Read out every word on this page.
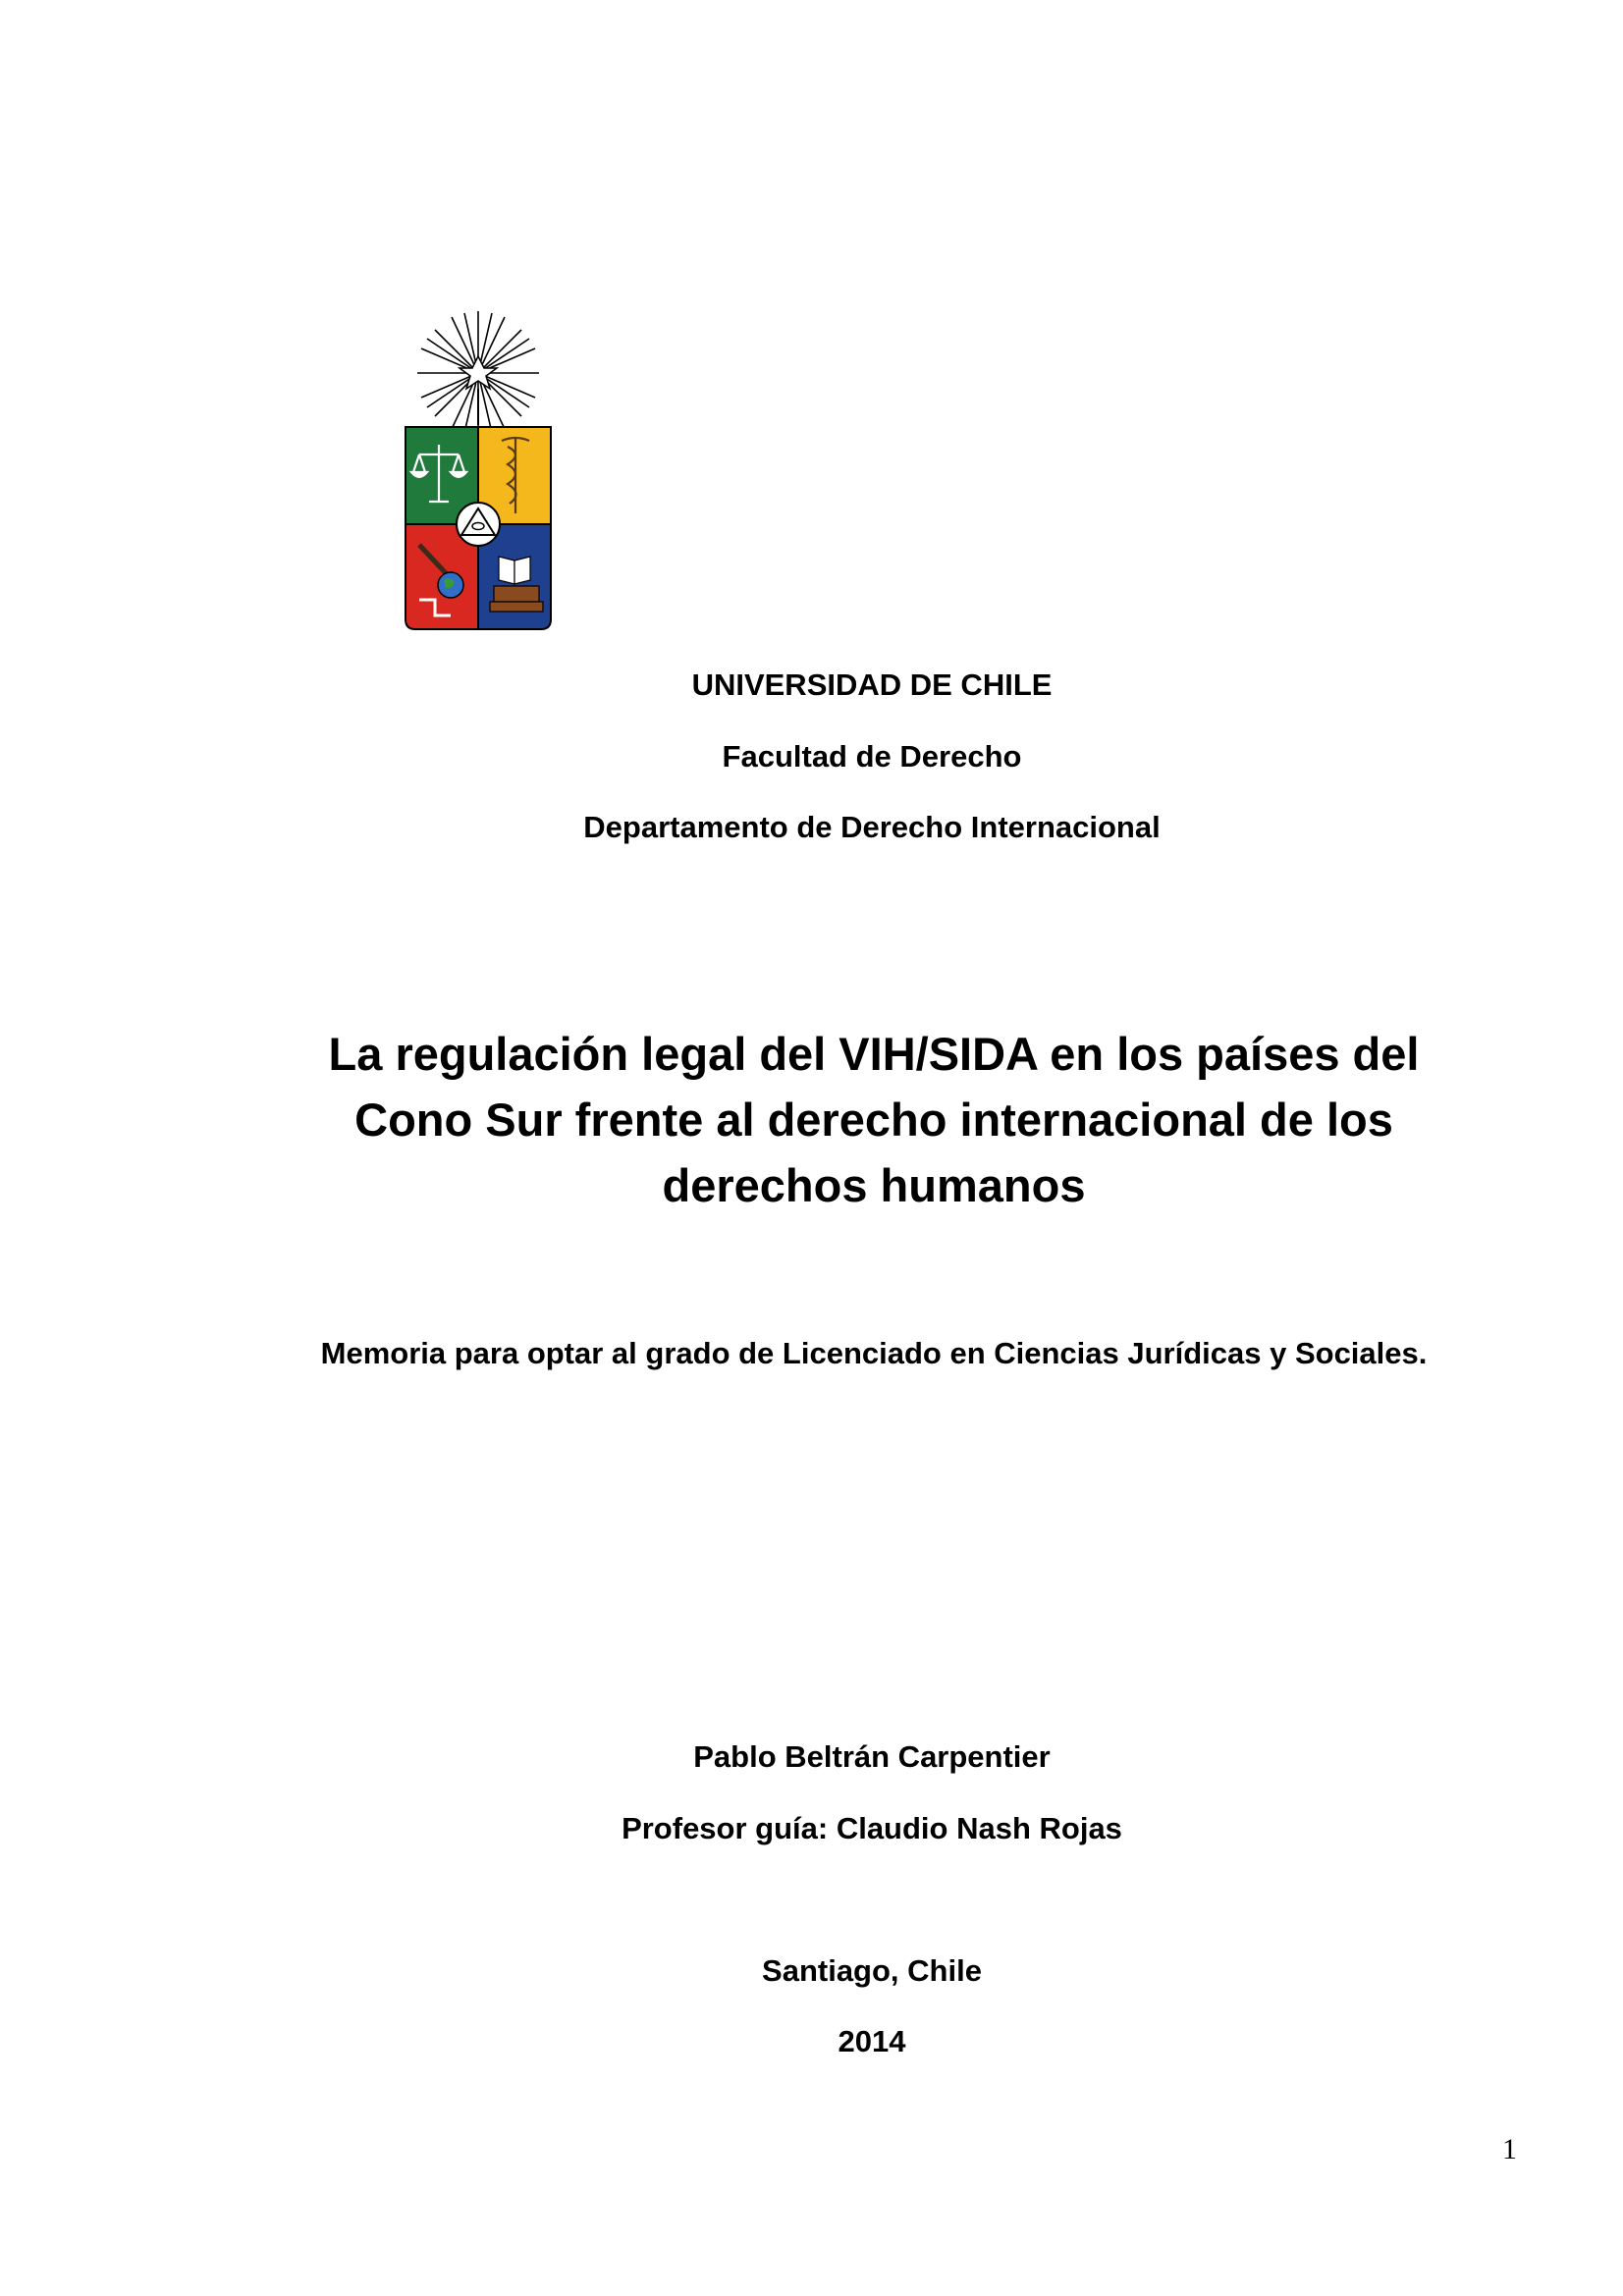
UNIVERSIDAD DE CHILE
Facultad de Derecho
Departamento de Derecho Internacional
La regulación legal del VIH/SIDA en los países del Cono Sur frente al derecho internacional de los derechos humanos
Memoria para optar al grado de Licenciado en Ciencias Jurídicas y Sociales.
Pablo Beltrán Carpentier
Profesor guía: Claudio Nash Rojas
Santiago, Chile
2014
1
